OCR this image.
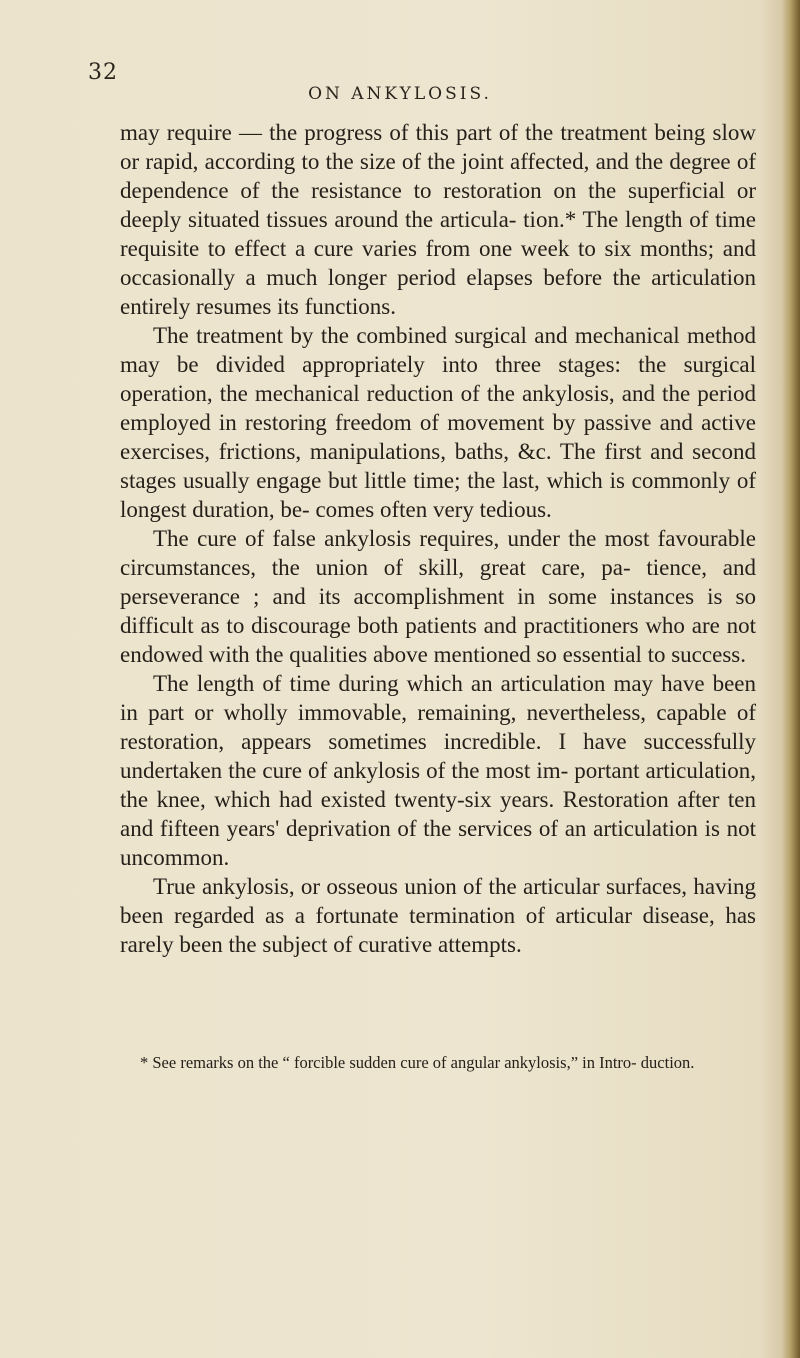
32
ON ANKYLOSIS.

may require — the progress of this part of the treatment being slow or rapid, according to the size of the joint affected, and the degree of dependence of the resistance to restoration on the superficial or deeply situated tissues around the articula- tion.* The length of time requisite to effect a cure varies from one week to six months; and occasionally a much longer period elapses before the articulation entirely resumes its functions.

The treatment by the combined surgical and mechanical method may be divided appropriately into three stages: the surgical operation, the mechanical reduction of the ankylosis, and the period employed in restoring freedom of movement by passive and active exercises, frictions, manipulations, baths, &c. The first and second stages usually engage but little time; the last, which is commonly of longest duration, be- comes often very tedious.

The cure of false ankylosis requires, under the most favourable circumstances, the union of skill, great care, pa- tience, and perseverance ; and its accomplishment in some instances is so difficult as to discourage both patients and practitioners who are not endowed with the qualities above mentioned so essential to success.

The length of time during which an articulation may have been in part or wholly immovable, remaining, nevertheless, capable of restoration, appears sometimes incredible. I have successfully undertaken the cure of ankylosis of the most im- portant articulation, the knee, which had existed twenty-six years. Restoration after ten and fifteen years' deprivation of the services of an articulation is not uncommon.

True ankylosis, or osseous union of the articular surfaces, having been regarded as a fortunate termination of articular disease, has rarely been the subject of curative attempts.

* See remarks on the “ forcible sudden cure of angular ankylosis,” in Intro- duction.
